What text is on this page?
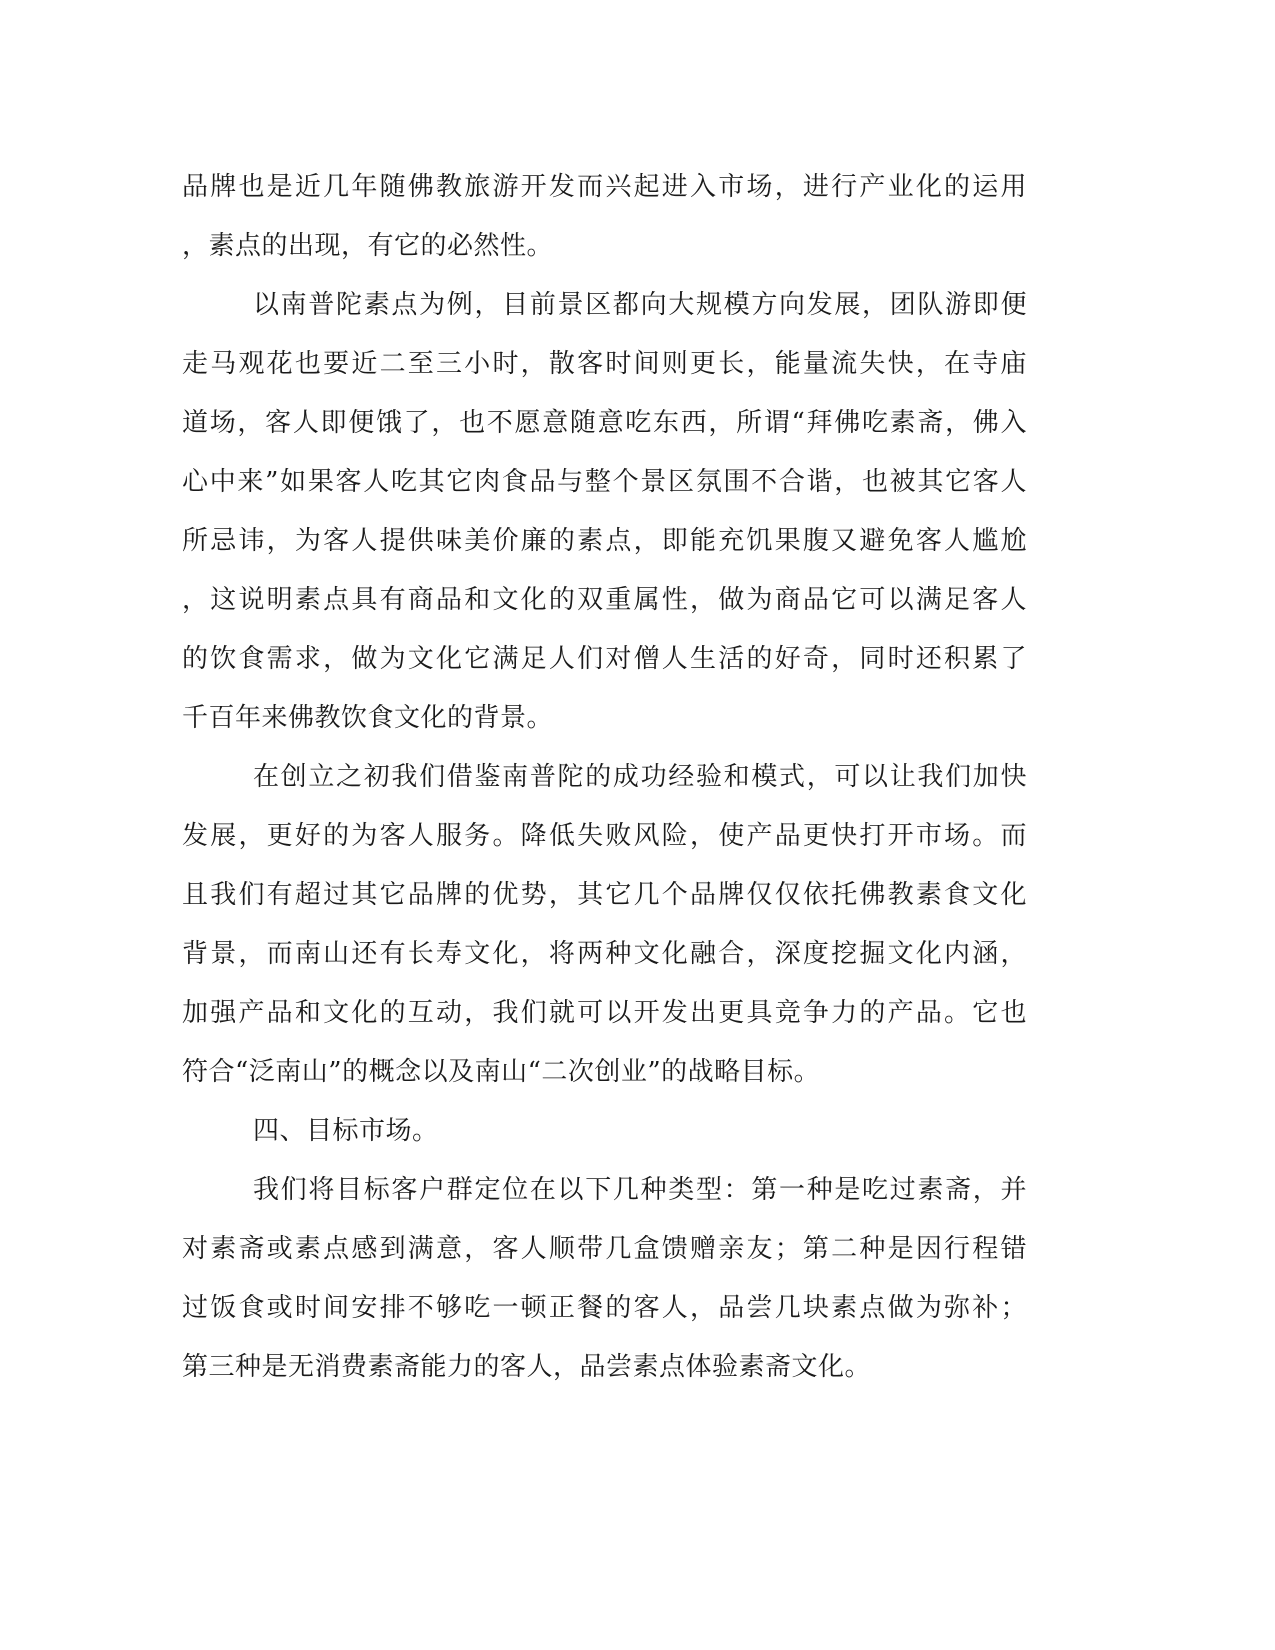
品牌也是近几年随佛教旅游开发而兴起进入市场，进行产业化的运用
，素点的出现，有它的必然性。
以南普陀素点为例，目前景区都向大规模方向发展，团队游即便
走马观花也要近二至三小时，散客时间则更长，能量流失快，在寺庙
道场，客人即便饿了，也不愿意随意吃东西，所谓“拜佛吃素斋，佛入
心中来”如果客人吃其它肉食品与整个景区氛围不合谐，也被其它客人
所忌讳，为客人提供味美价廉的素点，即能充饥果腹又避免客人尴尬
，这说明素点具有商品和文化的双重属性，做为商品它可以满足客人
的饮食需求，做为文化它满足人们对僧人生活的好奇，同时还积累了
千百年来佛教饮食文化的背景。
在创立之初我们借鉴南普陀的成功经验和模式，可以让我们加快
发展，更好的为客人服务。降低失败风险，使产品更快打开市场。而
且我们有超过其它品牌的优势，其它几个品牌仅仅依托佛教素食文化
背景，而南山还有长寿文化，将两种文化融合，深度挖掘文化内涵，
加强产品和文化的互动，我们就可以开发出更具竞争力的产品。它也
符合“泛南山”的概念以及南山“二次创业”的战略目标。
四、目标市场。
我们将目标客户群定位在以下几种类型：第一种是吃过素斋，并
对素斋或素点感到满意，客人顺带几盒馈赠亲友；第二种是因行程错
过饭食或时间安排不够吃一顿正餐的客人，品尝几块素点做为弥补；
第三种是无消费素斋能力的客人，品尝素点体验素斋文化。
